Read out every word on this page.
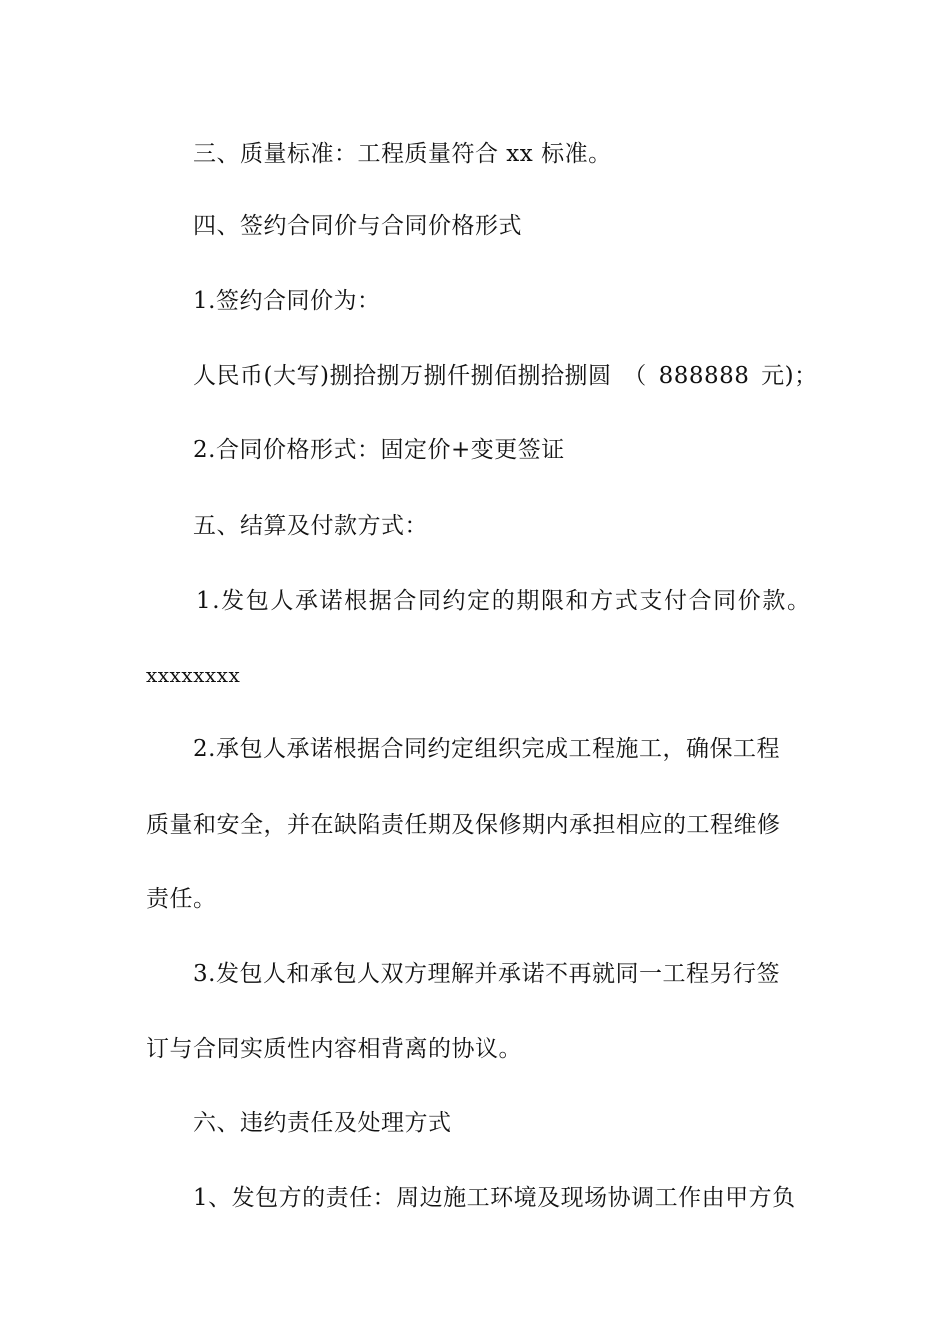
三、质量标准：工程质量符合 xx 标准。
四、签约合同价与合同价格形式
1.签约合同价为：
人民币(大写)捌拾捌万捌仟捌佰捌拾捌圆 （ 888888 元)；
2.合同价格形式：固定价+变更签证
五、结算及付款方式：
1.发包人承诺根据合同约定的期限和方式支付合同价款。
xxxxxxxx
2.承包人承诺根据合同约定组织完成工程施工，确保工程
质量和安全，并在缺陷责任期及保修期内承担相应的工程维修
责任。
3.发包人和承包人双方理解并承诺不再就同一工程另行签
订与合同实质性内容相背离的协议。
六、违约责任及处理方式
1、发包方的责任：周边施工环境及现场协调工作由甲方负
